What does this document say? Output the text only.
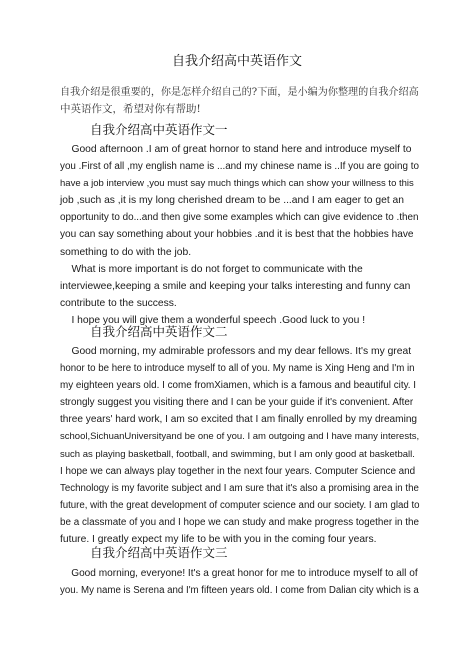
自我介绍高中英语作文

自我介绍是很重要的，你是怎样介绍自己的?下面，是小编为你整理的自我介绍高
中英语作文，希望对你有帮助!

自我介绍高中英语作文一
Good afternoon .I am of great hornor to stand here and introduce myself to
you .First of all ,my english name is ...and my chinese name is ..If you are going to
have a job interview ,you must say much things which can show your willness to this
job ,such as ,it is my long cherished dream to be ...and I am eager to get an
opportunity to do...and then give some examples which can give evidence to .then
you can say something about your hobbies .and it is best that the hobbies have
something to do with the job.
What is more important is do not forget to communicate with the
interviewee,keeping a smile and keeping your talks interesting and funny can
contribute to the success.
I hope you will give them a wonderful speech .Good luck to you !
自我介绍高中英语作文二
Good morning, my admirable professors and my dear fellows. It's my great
honor to be here to introduce myself to all of you. My name is Xing Heng and I'm in
my eighteen years old. I come fromXiamen, which is a famous and beautiful city. I
strongly suggest you visiting there and I can be your guide if it's convenient. After
three years' hard work, I am so excited that I am finally enrolled by my dreaming
school,SichuanUniversityand be one of you. I am outgoing and I have many interests,
such as playing basketball, football, and swimming, but I am only good at basketball.
I hope we can always play together in the next four years. Computer Science and
Technology is my favorite subject and I am sure that it's also a promising area in the
future, with the great development of computer science and our society. I am glad to
be a classmate of you and I hope we can study and make progress together in the
future. I greatly expect my life to be with you in the coming four years.
自我介绍高中英语作文三
Good morning, everyone! It's a great honor for me to introduce myself to all of
you. My name is Serena and I'm fifteen years old. I come from Dalian city which is a
